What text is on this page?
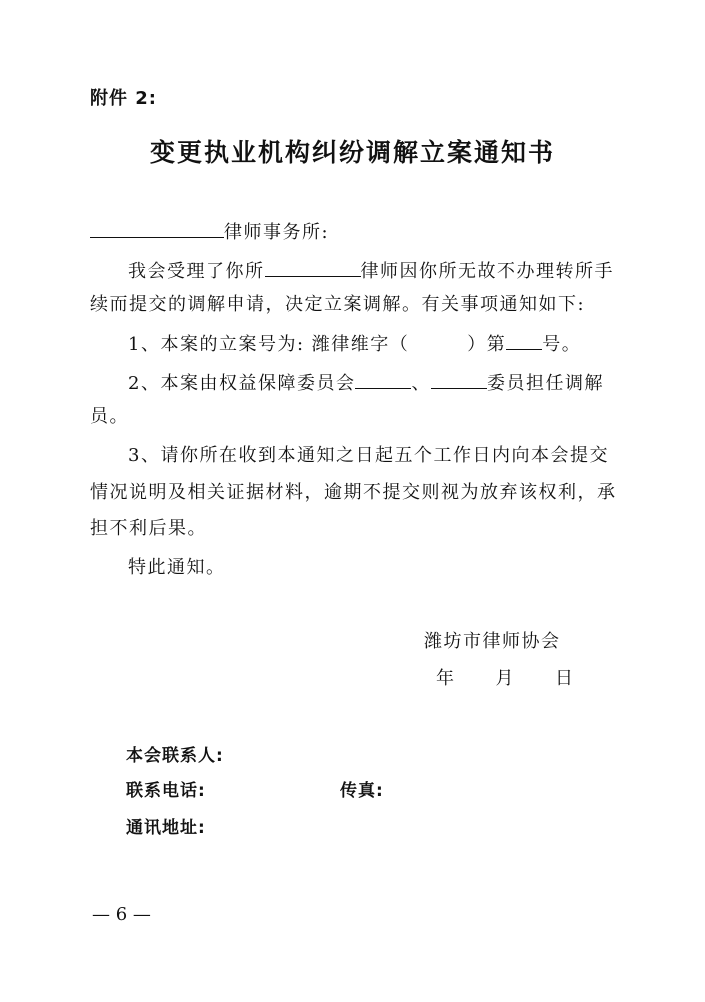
附件 2:
变更执业机构纠纷调解立案通知书
律师事务所:
我会受理了你所	律师因你所无故不办理转所手
续而提交的调解申请，决定立案调解。有关事项通知如下:
1、本案的立案号为: 潍律维字（	）第 号。
2、本案由权益保障委员会	、	委员担任调解
员。
3、请你所在收到本通知之日起五个工作日内向本会提交
情况说明及相关证据材料，逾期不提交则视为放弃该权利，承
担不利后果。
特此通知。
潍坊市律师协会
年 月 日
本会联系人:
联系电话:	传真:
通讯地址:
— 6 —
